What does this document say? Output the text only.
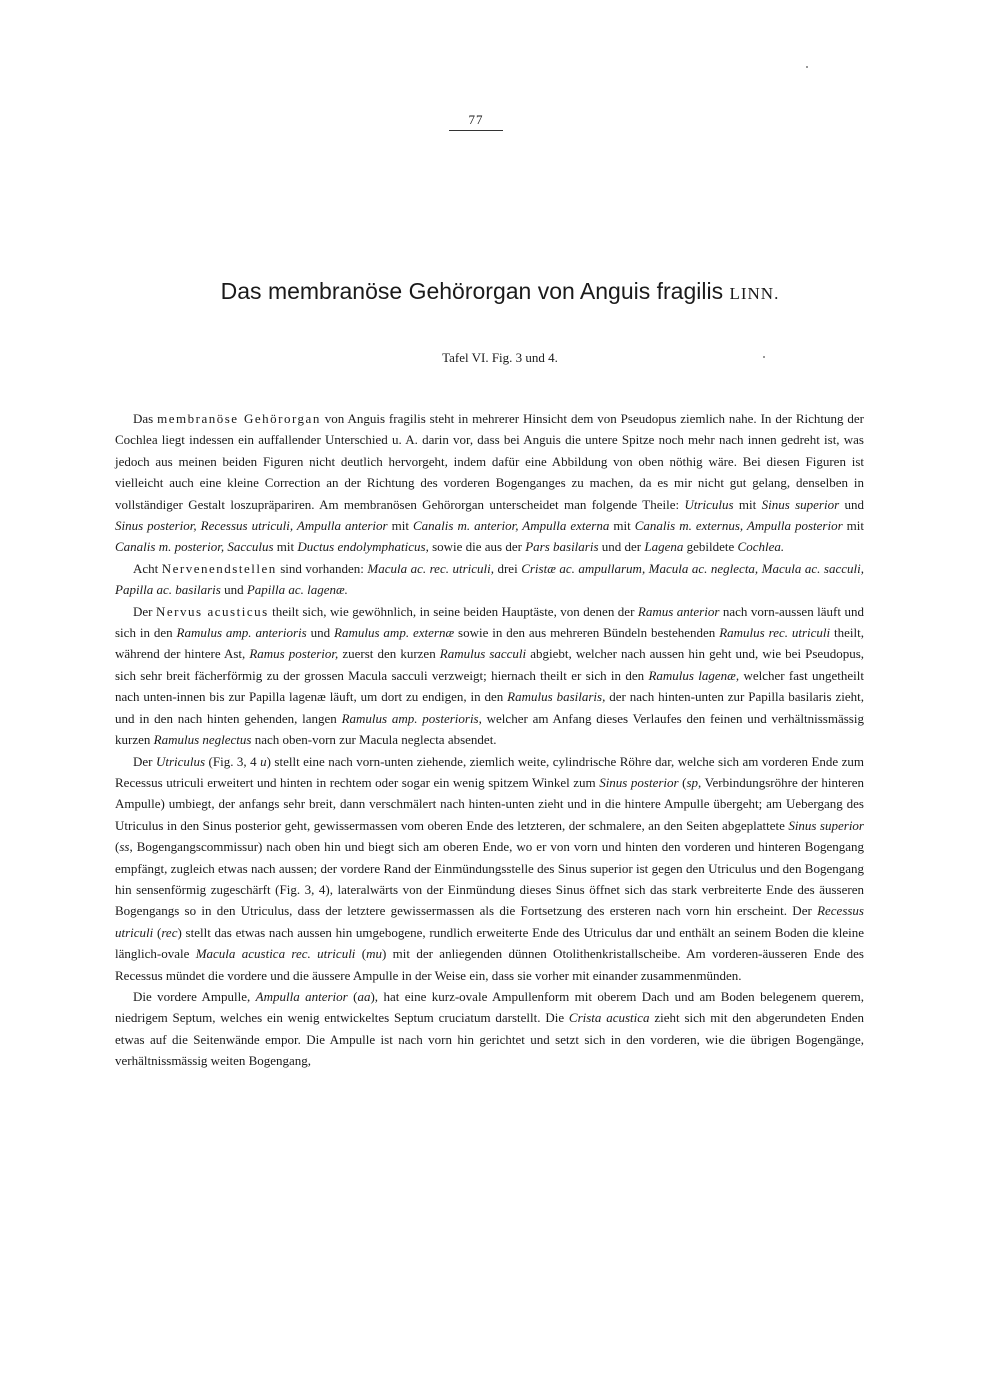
77
Das membranöse Gehörorgan von Anguis fragilis LINN.
Tafel VI. Fig. 3 und 4.

Das membranöse Gehörorgan von Anguis fragilis steht in mehrerer Hinsicht dem von Pseudopus ziemlich nahe. In der Richtung der Cochlea liegt indessen ein auffallender Unterschied u. A. darin vor, dass bei Anguis die untere Spitze noch mehr nach innen gedreht ist, was jedoch aus meinen beiden Figuren nicht deutlich hervorgeht, indem dafür eine Abbildung von oben nöthig wäre. Bei diesen Figuren ist vielleicht auch eine kleine Correction an der Richtung des vorderen Bogenganges zu machen, da es mir nicht gut gelang, denselben in vollständiger Gestalt loszupräpariren. Am membranösen Gehörorgan unterscheidet man folgende Theile: Utriculus mit Sinus superior und Sinus posterior, Recessus utriculi, Ampulla anterior mit Canalis m. anterior, Ampulla externa mit Canalis m. externus, Ampulla posterior mit Canalis m. posterior, Sacculus mit Ductus endolymphaticus, sowie die aus der Pars basilaris und der Lagena gebildete Cochlea.

Acht Nervenendstellen sind vorhanden: Macula ac. rec. utriculi, drei Cristæ ac. ampullarum, Macula ac. neglecta, Macula ac. sacculi, Papilla ac. basilaris und Papilla ac. lagenæ.

Der Nervus acusticus theilt sich, wie gewöhnlich, in seine beiden Hauptäste, von denen der Ramus anterior nach vorn-aussen läuft und sich in den Ramulus amp. anterioris und Ramulus amp. externæ sowie in den aus mehreren Bündeln bestehenden Ramulus rec. utriculi theilt, während der hintere Ast, Ramus posterior, zuerst den kurzen Ramulus sacculi abgiebt, welcher nach aussen hin geht und, wie bei Pseudopus, sich sehr breit fächerförmig zu der grossen Macula sacculi verzweigt; hiernach theilt er sich in den Ramulus lagenæ, welcher fast ungetheilt nach unten-innen bis zur Papilla lagenæ läuft, um dort zu endigen, in den Ramulus basilaris, der nach hinten-unten zur Papilla basilaris zieht, und in den nach hinten gehenden, langen Ramulus amp. posterioris, welcher am Anfang dieses Verlaufes den feinen und verhältnissmässig kurzen Ramulus neglectus nach oben-vorn zur Macula neglecta absendet.

Der Utriculus (Fig. 3, 4 u) stellt eine nach vorn-unten ziehende, ziemlich weite, cylindrische Röhre dar, welche sich am vorderen Ende zum Recessus utriculi erweitert und hinten in rechtem oder sogar ein wenig spitzem Winkel zum Sinus posterior (sp, Verbindungsröhre der hinteren Ampulle) umbiegt, der anfangs sehr breit, dann verschmälert nach hinten-unten zieht und in die hintere Ampulle übergeht; am Uebergang des Utriculus in den Sinus posterior geht, gewissermassen vom oberen Ende des letzteren, der schmalere, an den Seiten abgeplattete Sinus superior (ss, Bogengangscommissur) nach oben hin und biegt sich am oberen Ende, wo er von vorn und hinten den vorderen und hinteren Bogengang empfängt, zugleich etwas nach aussen; der vordere Rand der Einmündungsstelle des Sinus superior ist gegen den Utriculus und den Bogengang hin sensenförmig zugeschärft (Fig. 3, 4), lateralwärts von der Einmündung dieses Sinus öffnet sich das stark verbreiterte Ende des äusseren Bogengangs so in den Utriculus, dass der letztere gewissermassen als die Fortsetzung des ersteren nach vorn hin erscheint. Der Recessus utriculi (rec) stellt das etwas nach aussen hin umgebogene, rundlich erweiterte Ende des Utriculus dar und enthält an seinem Boden die kleine länglich-ovale Macula acustica rec. utriculi (mu) mit der anliegenden dünnen Otolithenkristallscheibe. Am vorderen-äusseren Ende des Recessus mündet die vordere und die äussere Ampulle in der Weise ein, dass sie vorher mit einander zusammenmünden.

Die vordere Ampulle, Ampulla anterior (aa), hat eine kurz-ovale Ampullenform mit oberem Dach und am Boden belegenem querem, niedrigem Septum, welches ein wenig entwickeltes Septum cruciatum darstellt. Die Crista acustica zieht sich mit den abgerundeten Enden etwas auf die Seitenwände empor. Die Ampulle ist nach vorn hin gerichtet und setzt sich in den vorderen, wie die übrigen Bogengänge, verhältnissmässig weiten Bogengang,
